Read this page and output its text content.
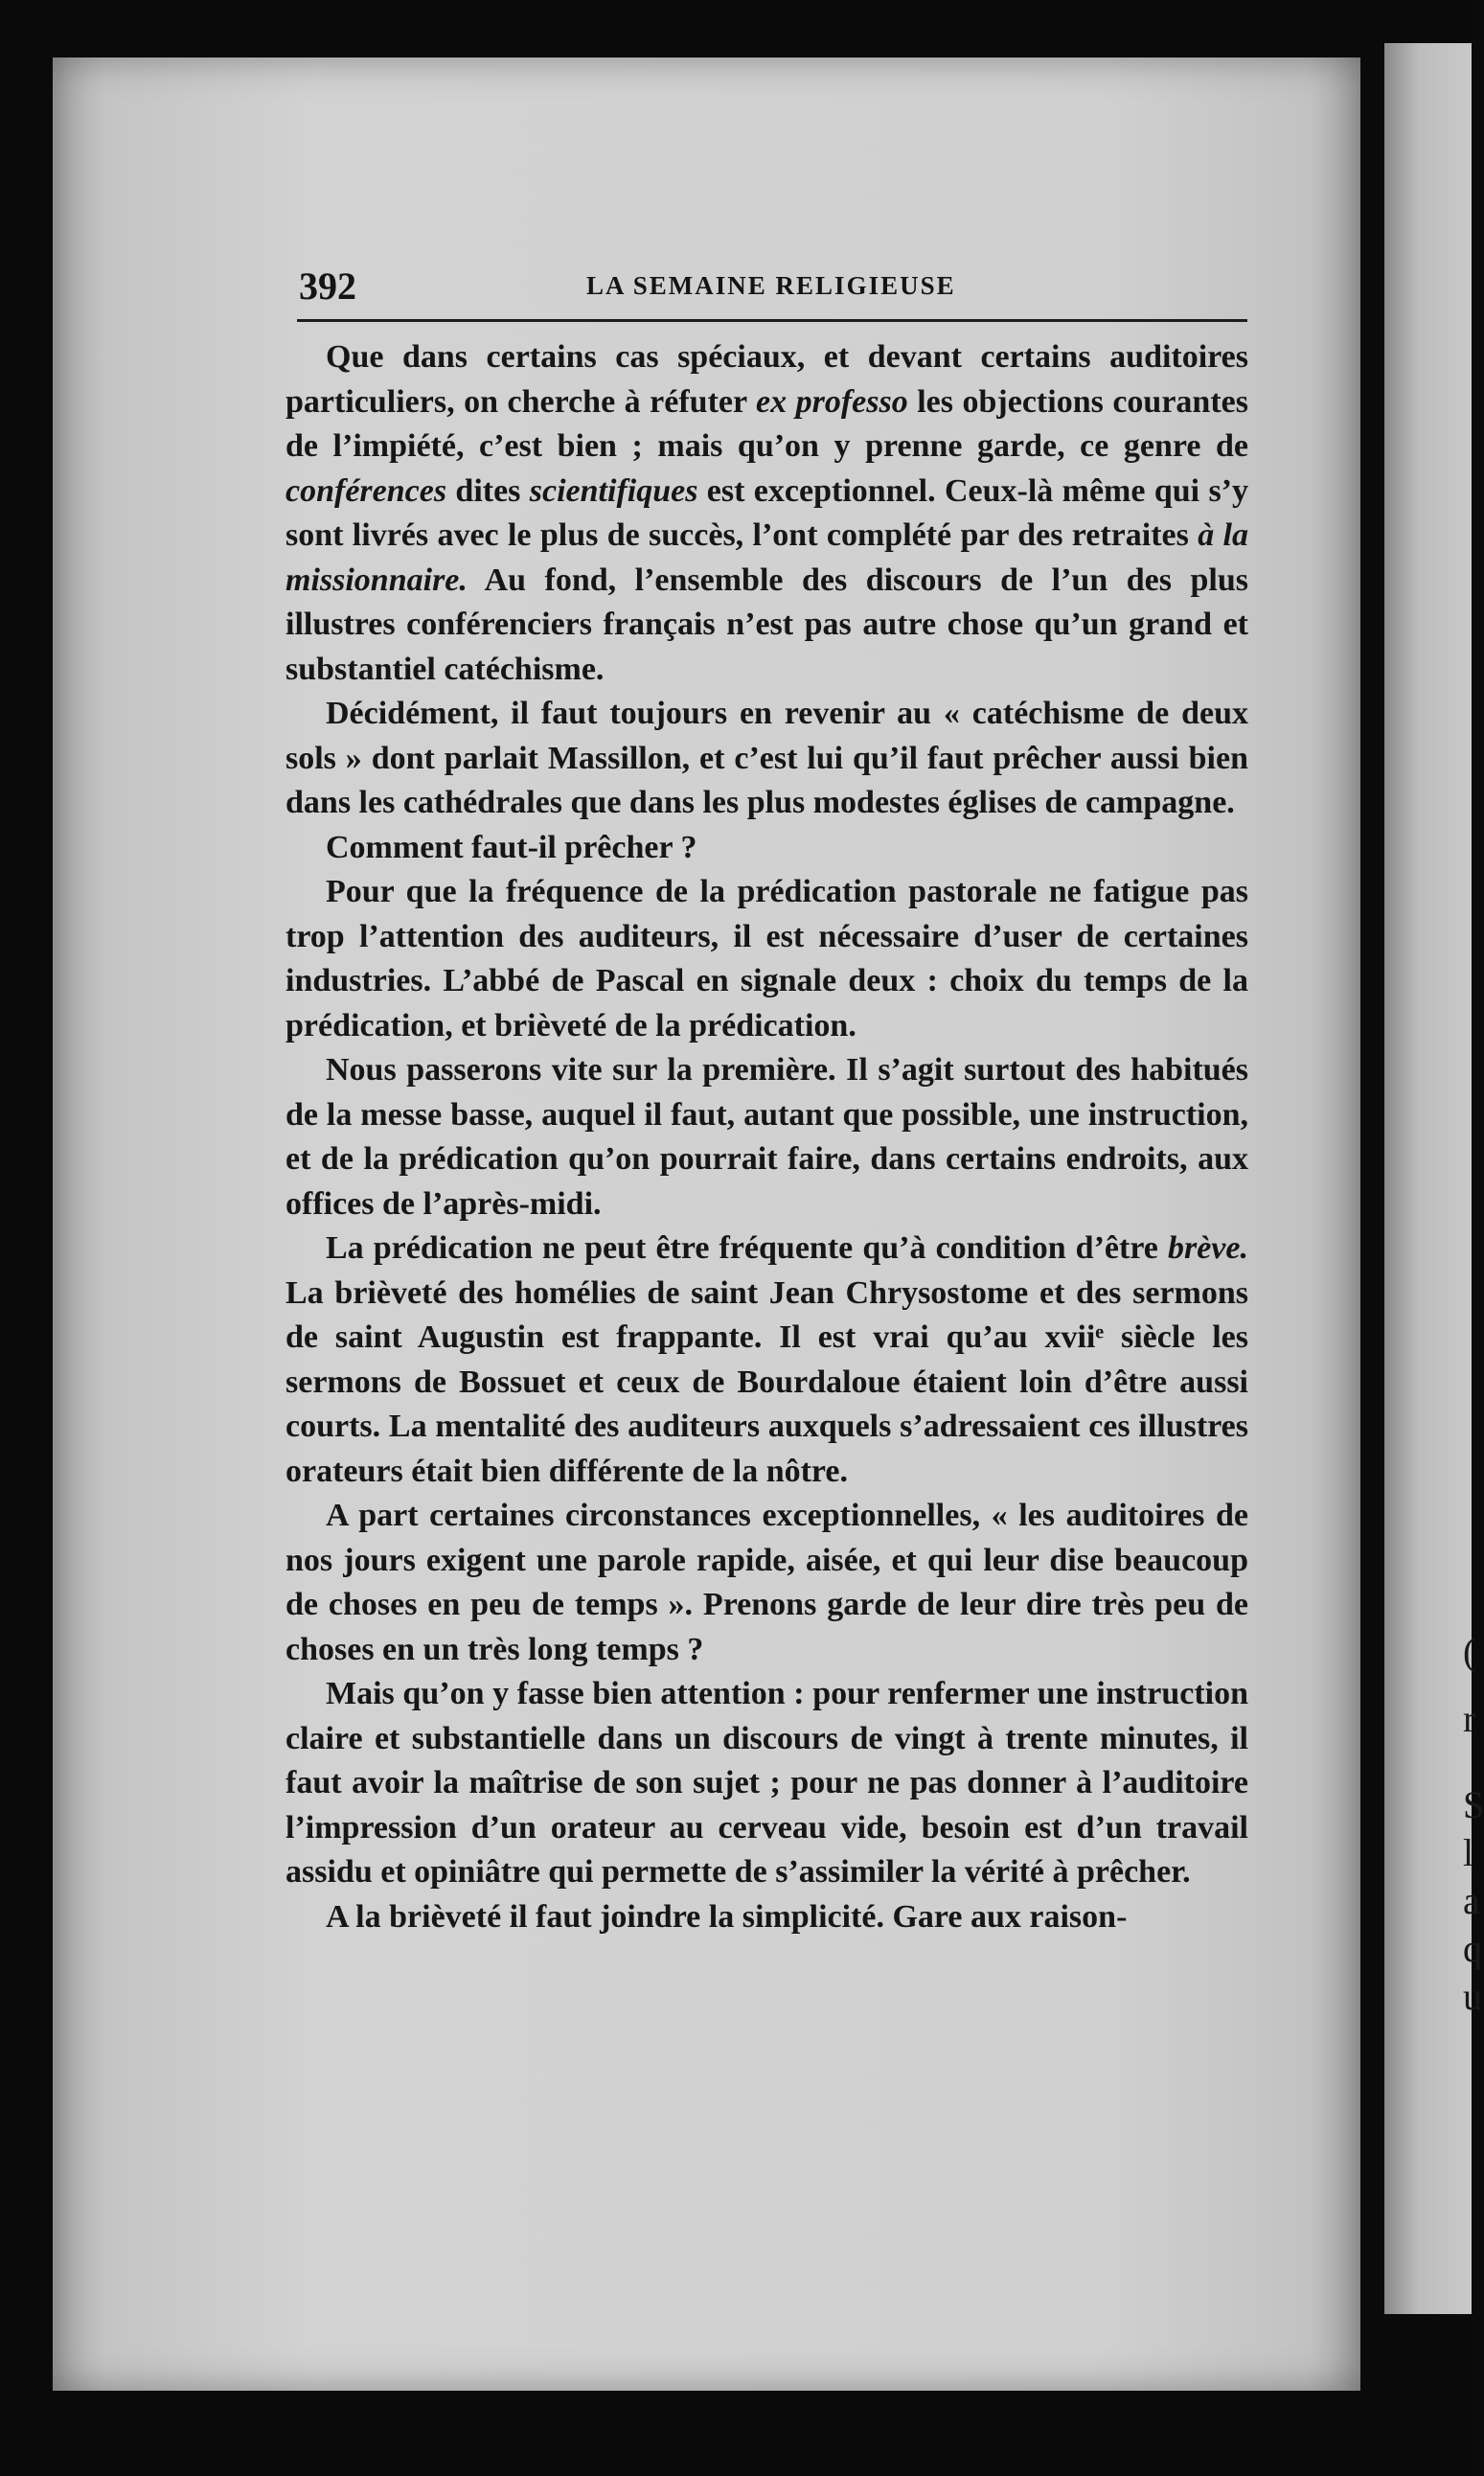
(
r
S
l
a
q
u
392	LA SEMAINE RELIGIEUSE

Que dans certains cas spéciaux, et devant certains auditoires particuliers, on cherche à réfuter ex professo les objections courantes de l’impiété, c’est bien ; mais qu’on y prenne garde, ce genre de conférences dites scientifiques est exceptionnel. Ceux-là même qui s’y sont livrés avec le plus de succès, l’ont complété par des retraites à la missionnaire. Au fond, l’ensemble des discours de l’un des plus illustres conférenciers français n’est pas autre chose qu’un grand et substantiel catéchisme.

Décidément, il faut toujours en revenir au « catéchisme de deux sols » dont parlait Massillon, et c’est lui qu’il faut prêcher aussi bien dans les cathédrales que dans les plus modestes églises de campagne.

Comment faut-il prêcher ?

Pour que la fréquence de la prédication pastorale ne fatigue pas trop l’attention des auditeurs, il est nécessaire d’user de certaines industries. L’abbé de Pascal en signale deux : choix du temps de la prédication, et brièveté de la prédication.

Nous passerons vite sur la première. Il s’agit surtout des habitués de la messe basse, auquel il faut, autant que possible, une instruction, et de la prédication qu’on pourrait faire, dans certains endroits, aux offices de l’après-midi.

La prédication ne peut être fréquente qu’à condition d’être brève. La brièveté des homélies de saint Jean Chrysostome et des sermons de saint Augustin est frappante. Il est vrai qu’au xviiᵉ siècle les sermons de Bossuet et ceux de Bourdaloue étaient loin d’être aussi courts. La mentalité des auditeurs auxquels s’adressaient ces illustres orateurs était bien différente de la nôtre.

A part certaines circonstances exceptionnelles, « les auditoires de nos jours exigent une parole rapide, aisée, et qui leur dise beaucoup de choses en peu de temps ». Prenons garde de leur dire très peu de choses en un très long temps ?

Mais qu’on y fasse bien attention : pour renfermer une instruction claire et substantielle dans un discours de vingt à trente minutes, il faut avoir la maîtrise de son sujet ; pour ne pas donner à l’auditoire l’impression d’un orateur au cerveau vide, besoin est d’un travail assidu et opiniâtre qui permette de s’assimiler la vérité à prêcher.

A la brièveté il faut joindre la simplicité. Gare aux raison-
